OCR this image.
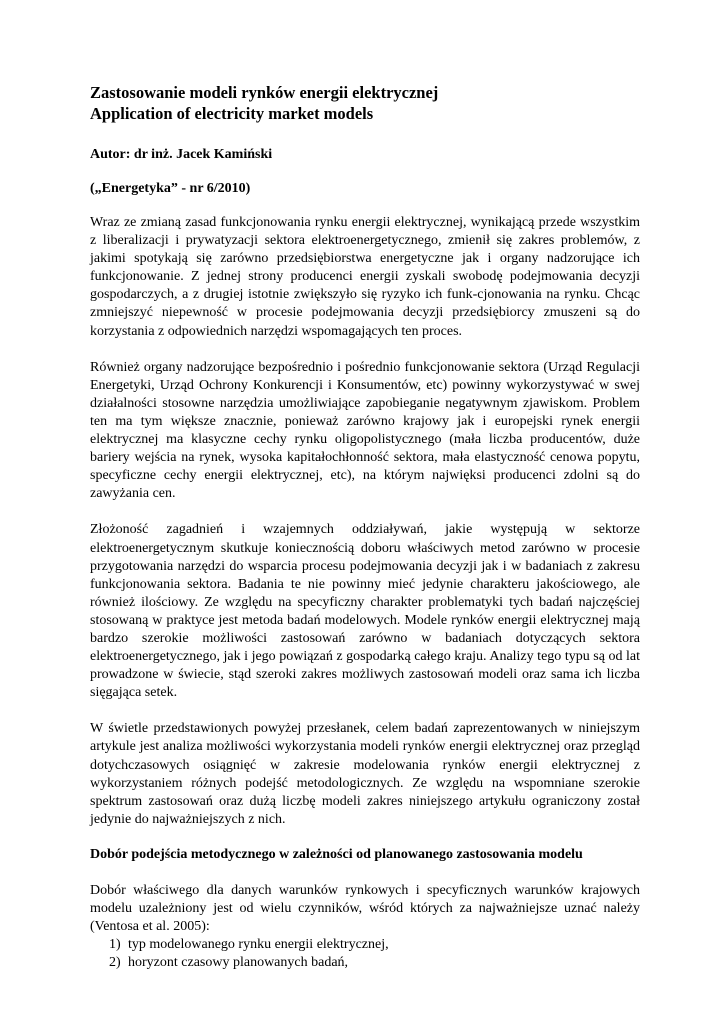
Zastosowanie modeli rynków energii elektrycznej

Application of electricity market models

Autor: dr inż. Jacek Kamiński

(„Energetyka” - nr 6/2010)

Wraz ze zmianą zasad funkcjonowania rynku energii elektrycznej, wynikającą przede wszystkim z liberalizacji i prywatyzacji sektora elektroenergetycznego, zmienił się zakres problemów, z jakimi spotykają się zarówno przedsiębiorstwa energetyczne jak i organy nadzorujące ich funkcjonowanie. Z jednej strony producenci energii zyskali swobodę podejmowania decyzji gospodarczych, a z drugiej istotnie zwiększyło się ryzyko ich funk-cjonowania na rynku. Chcąc zmniejszyć niepewność w procesie podejmowania decyzji przedsiębiorcy zmuszeni są do korzystania z odpowiednich narzędzi wspomagających ten proces.

Również organy nadzorujące bezpośrednio i pośrednio funkcjonowanie sektora (Urząd Regulacji Energetyki, Urząd Ochrony Konkurencji i Konsumentów, etc) powinny wykorzystywać w swej działalności stosowne narzędzia umożliwiające zapobieganie negatywnym zjawiskom. Problem ten ma tym większe znacznie, ponieważ zarówno krajowy jak i europejski rynek energii elektrycznej ma klasyczne cechy rynku oligopolistycznego (mała liczba producentów, duże bariery wejścia na rynek, wysoka kapitałochłonność sektora, mała elastyczność cenowa popytu, specyficzne cechy energii elektrycznej, etc), na którym najwięksi producenci zdolni są do zawyżania cen.

Złożoność zagadnień i wzajemnych oddziaływań, jakie występują w sektorze elektroenergetycznym skutkuje koniecznością doboru właściwych metod zarówno w procesie przygotowania narzędzi do wsparcia procesu podejmowania decyzji jak i w badaniach z zakresu funkcjonowania sektora. Badania te nie powinny mieć jedynie charakteru jakościowego, ale również ilościowy. Ze względu na specyficzny charakter problematyki tych badań najczęściej stosowaną w praktyce jest metoda badań modelowych. Modele rynków energii elektrycznej mają bardzo szerokie możliwości zastosowań zarówno w badaniach dotyczących sektora elektroenergetycznego, jak i jego powiązań z gospodarką całego kraju. Analizy tego typu są od lat prowadzone w świecie, stąd szeroki zakres możliwych zastosowań modeli oraz sama ich liczba sięgająca setek.

W świetle przedstawionych powyżej przesłanek, celem badań zaprezentowanych w niniejszym artykule jest analiza możliwości wykorzystania modeli rynków energii elektrycznej oraz przegląd dotychczasowych osiągnięć w zakresie modelowania rynków energii elektrycznej z wykorzystaniem różnych podejść metodologicznych. Ze względu na wspomniane szerokie spektrum zastosowań oraz dużą liczbę modeli zakres niniejszego artykułu ograniczony został jedynie do najważniejszych z nich.

Dobór podejścia metodycznego w zależności od planowanego zastosowania modelu

Dobór właściwego dla danych warunków rynkowych i specyficznych warunków krajowych modelu uzależniony jest od wielu czynników, wśród których za najważniejsze uznać należy (Ventosa et al. 2005):

1) typ modelowanego rynku energii elektrycznej,
2) horyzont czasowy planowanych badań,
